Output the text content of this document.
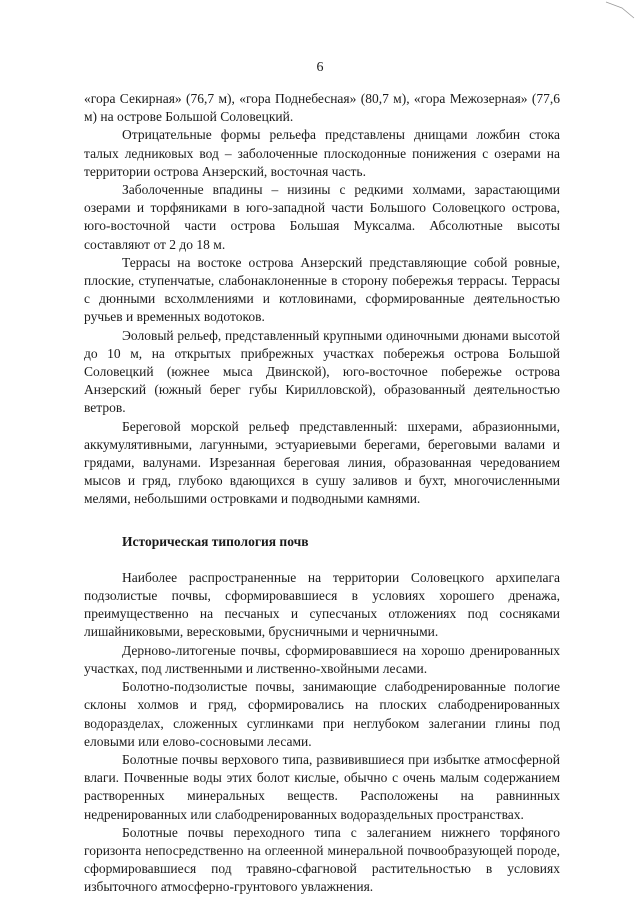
6

«гора Секирная» (76,7 м), «гора Поднебесная» (80,7 м), «гора Межозерная» (77,6 м) на острове Большой Соловецкий.

Отрицательные формы рельефа представлены днищами ложбин стока талых ледниковых вод – заболоченные плоскодонные понижения с озерами на территории острова Анзерский, восточная часть.

Заболоченные впадины – низины с редкими холмами, зарастающими озерами и торфяниками в юго-западной части Большого Соловецкого острова, юго-восточной части острова Большая Муксалма. Абсолютные высоты составляют от 2 до 18 м.

Террасы на востоке острова Анзерский представляющие собой ровные, плоские, ступенчатые, слабонаклоненные в сторону побережья террасы. Террасы с дюнными всхолмлениями и котловинами, сформированные деятельностью ручьев и временных водотоков.

Эоловый рельеф, представленный крупными одиночными дюнами высотой до 10 м, на открытых прибрежных участках побережья острова Большой Соловецкий (южнее мыса Двинской), юго-восточное побережье острова Анзерский (южный берег губы Кирилловской), образованный деятельностью ветров.

Береговой морской рельеф представленный: шхерами, абразионными, аккумулятивными, лагунными, эстуариевыми берегами, береговыми валами и грядами, валунами. Изрезанная береговая линия, образованная чередованием мысов и гряд, глубоко вдающихся в сушу заливов и бухт, многочисленными мелями, небольшими островками и подводными камнями.

Историческая типология почв

Наиболее распространенные на территории Соловецкого архипелага подзолистые почвы, сформировавшиеся в условиях хорошего дренажа, преимущественно на песчаных и супесчаных отложениях под сосняками лишайниковыми, вересковыми, брусничными и черничными.

Дерново-литогеные почвы, сформировавшиеся на хорошо дренированных участках, под лиственными и лиственно-хвойными лесами.

Болотно-подзолистые почвы, занимающие слабодренированные пологие склоны холмов и гряд, сформировались на плоских слабодренированных водоразделах, сложенных суглинками при неглубоком залегании глины под еловыми или елово-сосновыми лесами.

Болотные почвы верхового типа, развивившиеся при избытке атмосферной влаги. Почвенные воды этих болот кислые, обычно с очень малым содержанием растворенных минеральных веществ. Расположены на равнинных недренированных или слабодренированных водораздельных пространствах.

Болотные почвы переходного типа с залеганием нижнего торфяного горизонта непосредственно на оглеенной минеральной почвообразующей породе, сформировавшиеся под травяно-сфагновой растительностью в условиях избыточного атмосферно-грунтового увлажнения.
